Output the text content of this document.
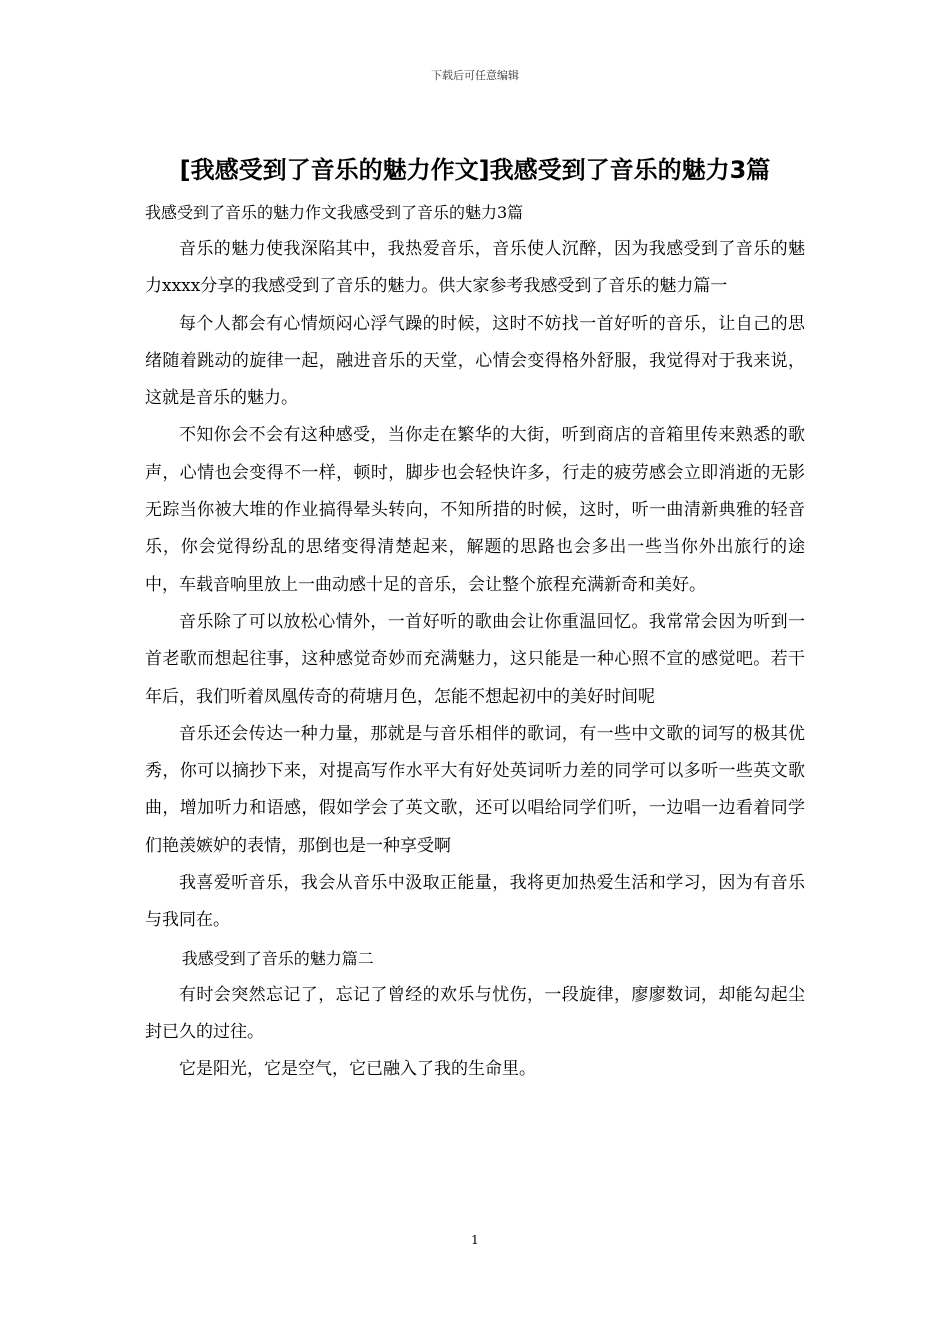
下载后可任意编辑
[我感受到了音乐的魅力作文]我感受到了音乐的魅力3篇

我感受到了音乐的魅力作文我感受到了音乐的魅力3篇

音乐的魅力使我深陷其中，我热爱音乐，音乐使人沉醉，因为我感受到了音乐的魅力xxxx分享的我感受到了音乐的魅力。供大家参考我感受到了音乐的魅力篇一

每个人都会有心情烦闷心浮气躁的时候，这时不妨找一首好听的音乐，让自己的思绪随着跳动的旋律一起，融进音乐的天堂，心情会变得格外舒服，我觉得对于我来说，这就是音乐的魅力。

不知你会不会有这种感受，当你走在繁华的大街，听到商店的音箱里传来熟悉的歌声，心情也会变得不一样，顿时，脚步也会轻快许多，行走的疲劳感会立即消逝的无影无踪当你被大堆的作业搞得晕头转向，不知所措的时候，这时，听一曲清新典雅的轻音乐，你会觉得纷乱的思绪变得清楚起来，解题的思路也会多出一些当你外出旅行的途中，车载音响里放上一曲动感十足的音乐，会让整个旅程充满新奇和美好。

音乐除了可以放松心情外，一首好听的歌曲会让你重温回忆。我常常会因为听到一首老歌而想起往事，这种感觉奇妙而充满魅力，这只能是一种心照不宣的感觉吧。若干年后，我们听着凤凰传奇的荷塘月色，怎能不想起初中的美好时间呢

音乐还会传达一种力量，那就是与音乐相伴的歌词，有一些中文歌的词写的极其优秀，你可以摘抄下来，对提高写作水平大有好处英词听力差的同学可以多听一些英文歌曲，增加听力和语感，假如学会了英文歌，还可以唱给同学们听，一边唱一边看着同学们艳羡嫉妒的表情，那倒也是一种享受啊

我喜爱听音乐，我会从音乐中汲取正能量，我将更加热爱生活和学习，因为有音乐与我同在。

我感受到了音乐的魅力篇二

有时会突然忘记了，忘记了曾经的欢乐与忧伤，一段旋律，廖廖数词，却能勾起尘封已久的过往。

它是阳光，它是空气，它已融入了我的生命里。

1
